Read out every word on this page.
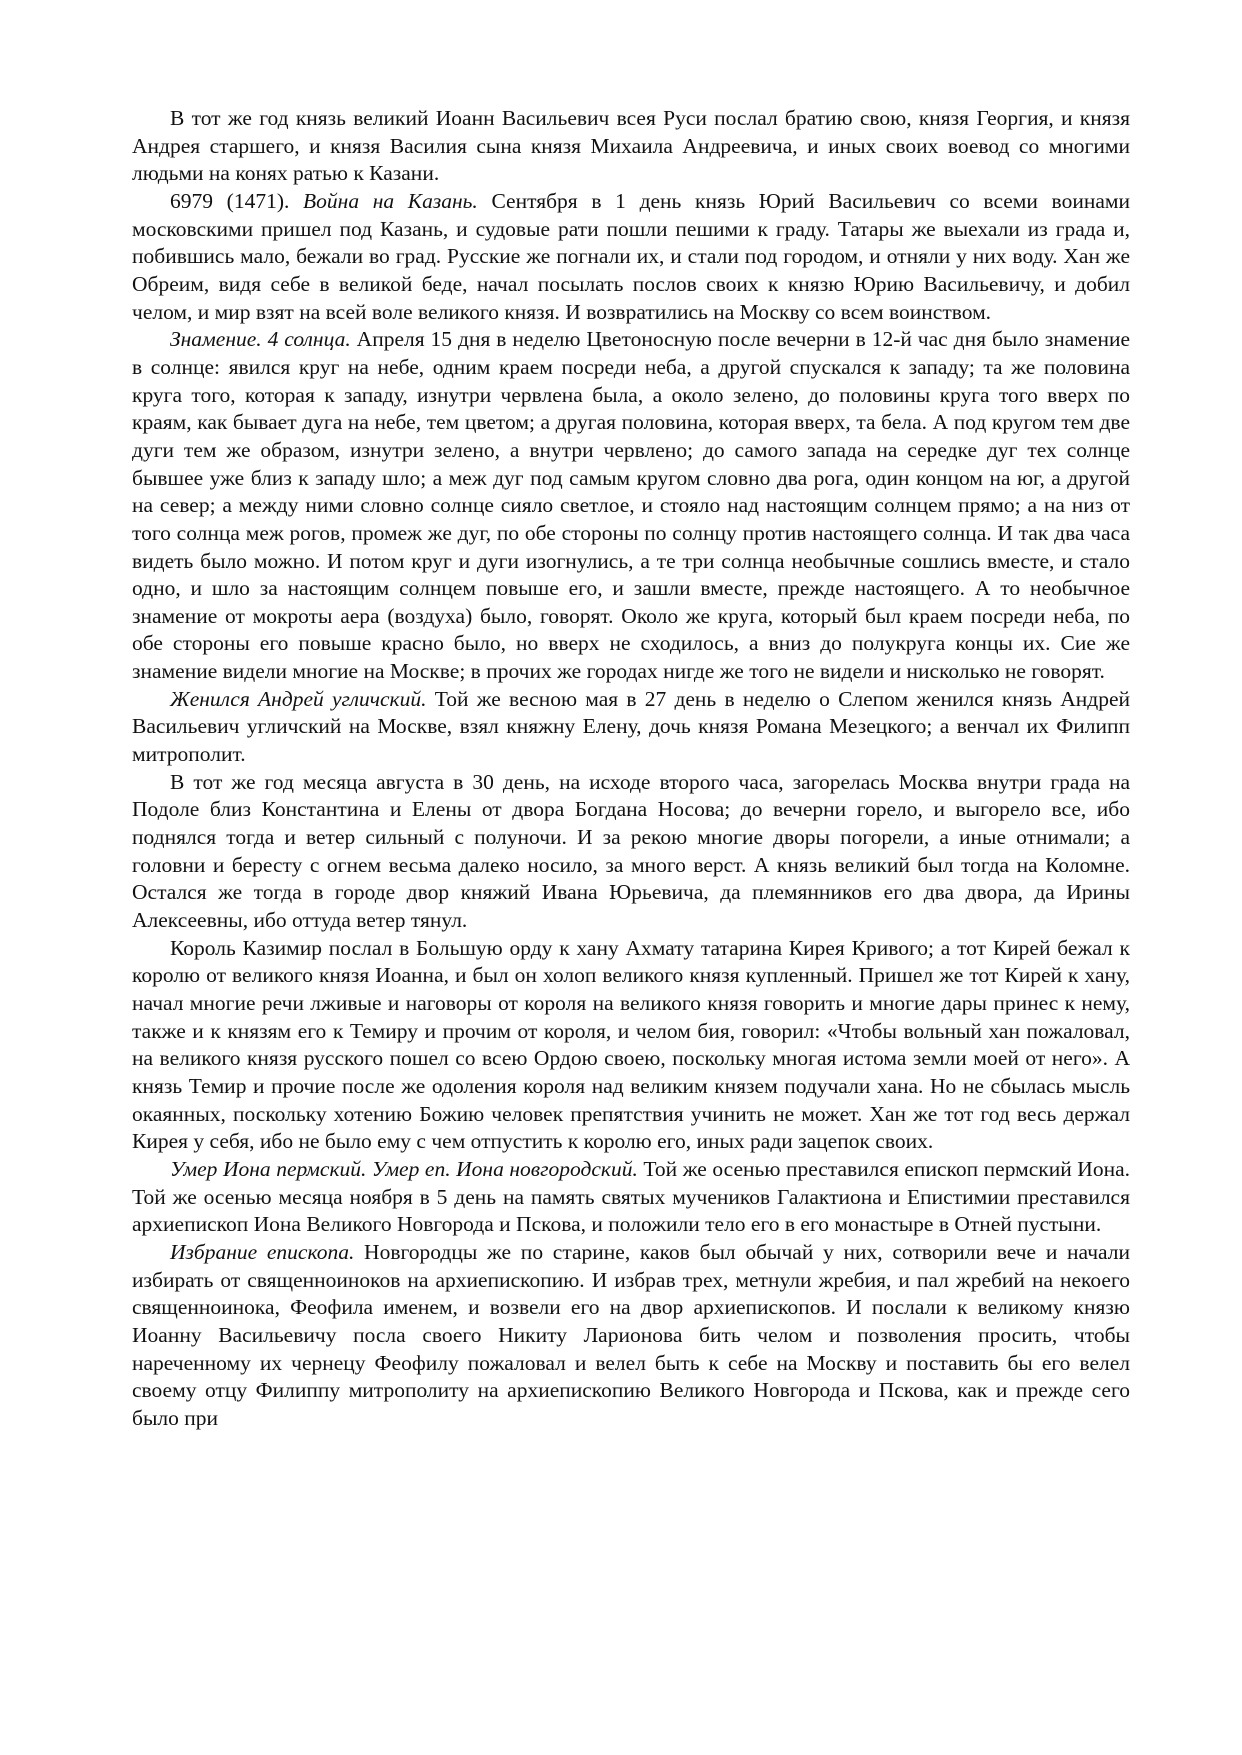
В тот же год князь великий Иоанн Васильевич всея Руси послал братию свою, князя Георгия, и князя Андрея старшего, и князя Василия сына князя Михаила Андреевича, и иных своих воевод со многими людьми на конях ратью к Казани.

6979 (1471). Война на Казань. Сентября в 1 день князь Юрий Васильевич со всеми воинами московскими пришел под Казань, и судовые рати пошли пешими к граду. Татары же выехали из града и, побившись мало, бежали во град. Русские же погнали их, и стали под городом, и отняли у них воду. Хан же Обреим, видя себе в великой беде, начал посылать послов своих к князю Юрию Васильевичу, и добил челом, и мир взят на всей воле великого князя. И возвратились на Москву со всем воинством.

Знамение. 4 солнца. Апреля 15 дня в неделю Цветоносную после вечерни в 12-й час дня было знамение в солнце: явился круг на небе, одним краем посреди неба, а другой спускался к западу; та же половина круга того, которая к западу, изнутри червлена была, а около зелено, до половины круга того вверх по краям, как бывает дуга на небе, тем цветом; а другая половина, которая вверх, та бела. А под кругом тем две дуги тем же образом, изнутри зелено, а внутри червлено; до самого запада на середке дуг тех солнце бывшее уже близ к западу шло; а меж дуг под самым кругом словно два рога, один концом на юг, а другой на север; а между ними словно солнце сияло светлое, и стояло над настоящим солнцем прямо; а на низ от того солнца меж рогов, промеж же дуг, по обе стороны по солнцу против настоящего солнца. И так два часа видеть было можно. И потом круг и дуги изогнулись, а те три солнца необычные сошлись вместе, и стало одно, и шло за настоящим солнцем повыше его, и зашли вместе, прежде настоящего. А то необычное знамение от мокроты аера (воздуха) было, говорят. Около же круга, который был краем посреди неба, по обе стороны его повыше красно было, но вверх не сходилось, а вниз до полукруга концы их. Сие же знамение видели многие на Москве; в прочих же городах нигде же того не видели и нисколько не говорят.

Женился Андрей угличский. Той же весною мая в 27 день в неделю о Слепом женился князь Андрей Васильевич угличский на Москве, взял княжну Елену, дочь князя Романа Мезецкого; а венчал их Филипп митрополит.

В тот же год месяца августа в 30 день, на исходе второго часа, загорелась Москва внутри града на Подоле близ Константина и Елены от двора Богдана Носова; до вечерни горело, и выгорело все, ибо поднялся тогда и ветер сильный с полуночи. И за рекою многие дворы погорели, а иные отнимали; а головни и бересту с огнем весьма далеко носило, за много верст. А князь великий был тогда на Коломне. Остался же тогда в городе двор княжий Ивана Юрьевича, да племянников его два двора, да Ирины Алексеевны, ибо оттуда ветер тянул.

Король Казимир послал в Большую орду к хану Ахмату татарина Кирея Кривого; а тот Кирей бежал к королю от великого князя Иоанна, и был он холоп великого князя купленный. Пришел же тот Кирей к хану, начал многие речи лживые и наговоры от короля на великого князя говорить и многие дары принес к нему, также и к князям его к Темиру и прочим от короля, и челом бия, говорил: «Чтобы вольный хан пожаловал, на великого князя русского пошел со всею Ордою своею, поскольку многая истома земли моей от него». А князь Темир и прочие после же одоления короля над великим князем подучали хана. Но не сбылась мысль окаянных, поскольку хотению Божию человек препятствия учинить не может. Хан же тот год весь держал Кирея у себя, ибо не было ему с чем отпустить к королю его, иных ради зацепок своих.

Умер Иона пермский. Умер еп. Иона новгородский. Той же осенью преставился епископ пермский Иона. Той же осенью месяца ноября в 5 день на память святых мучеников Галактиона и Епистимии преставился архиепископ Иона Великого Новгорода и Пскова, и положили тело его в его монастыре в Отней пустыни.

Избрание епископа. Новгородцы же по старине, каков был обычай у них, сотворили вече и начали избирать от священноиноков на архиепископию. И избрав трех, метнули жребия, и пал жребий на некоего священноинока, Феофила именем, и возвели его на двор архиепископов. И послали к великому князю Иоанну Васильевичу посла своего Никиту Ларионова бить челом и позволения просить, чтобы нареченному их чернецу Феофилу пожаловал и велел быть к себе на Москву и поставить бы его велел своему отцу Филиппу митрополиту на архиепископию Великого Новгорода и Пскова, как и прежде сего было при
